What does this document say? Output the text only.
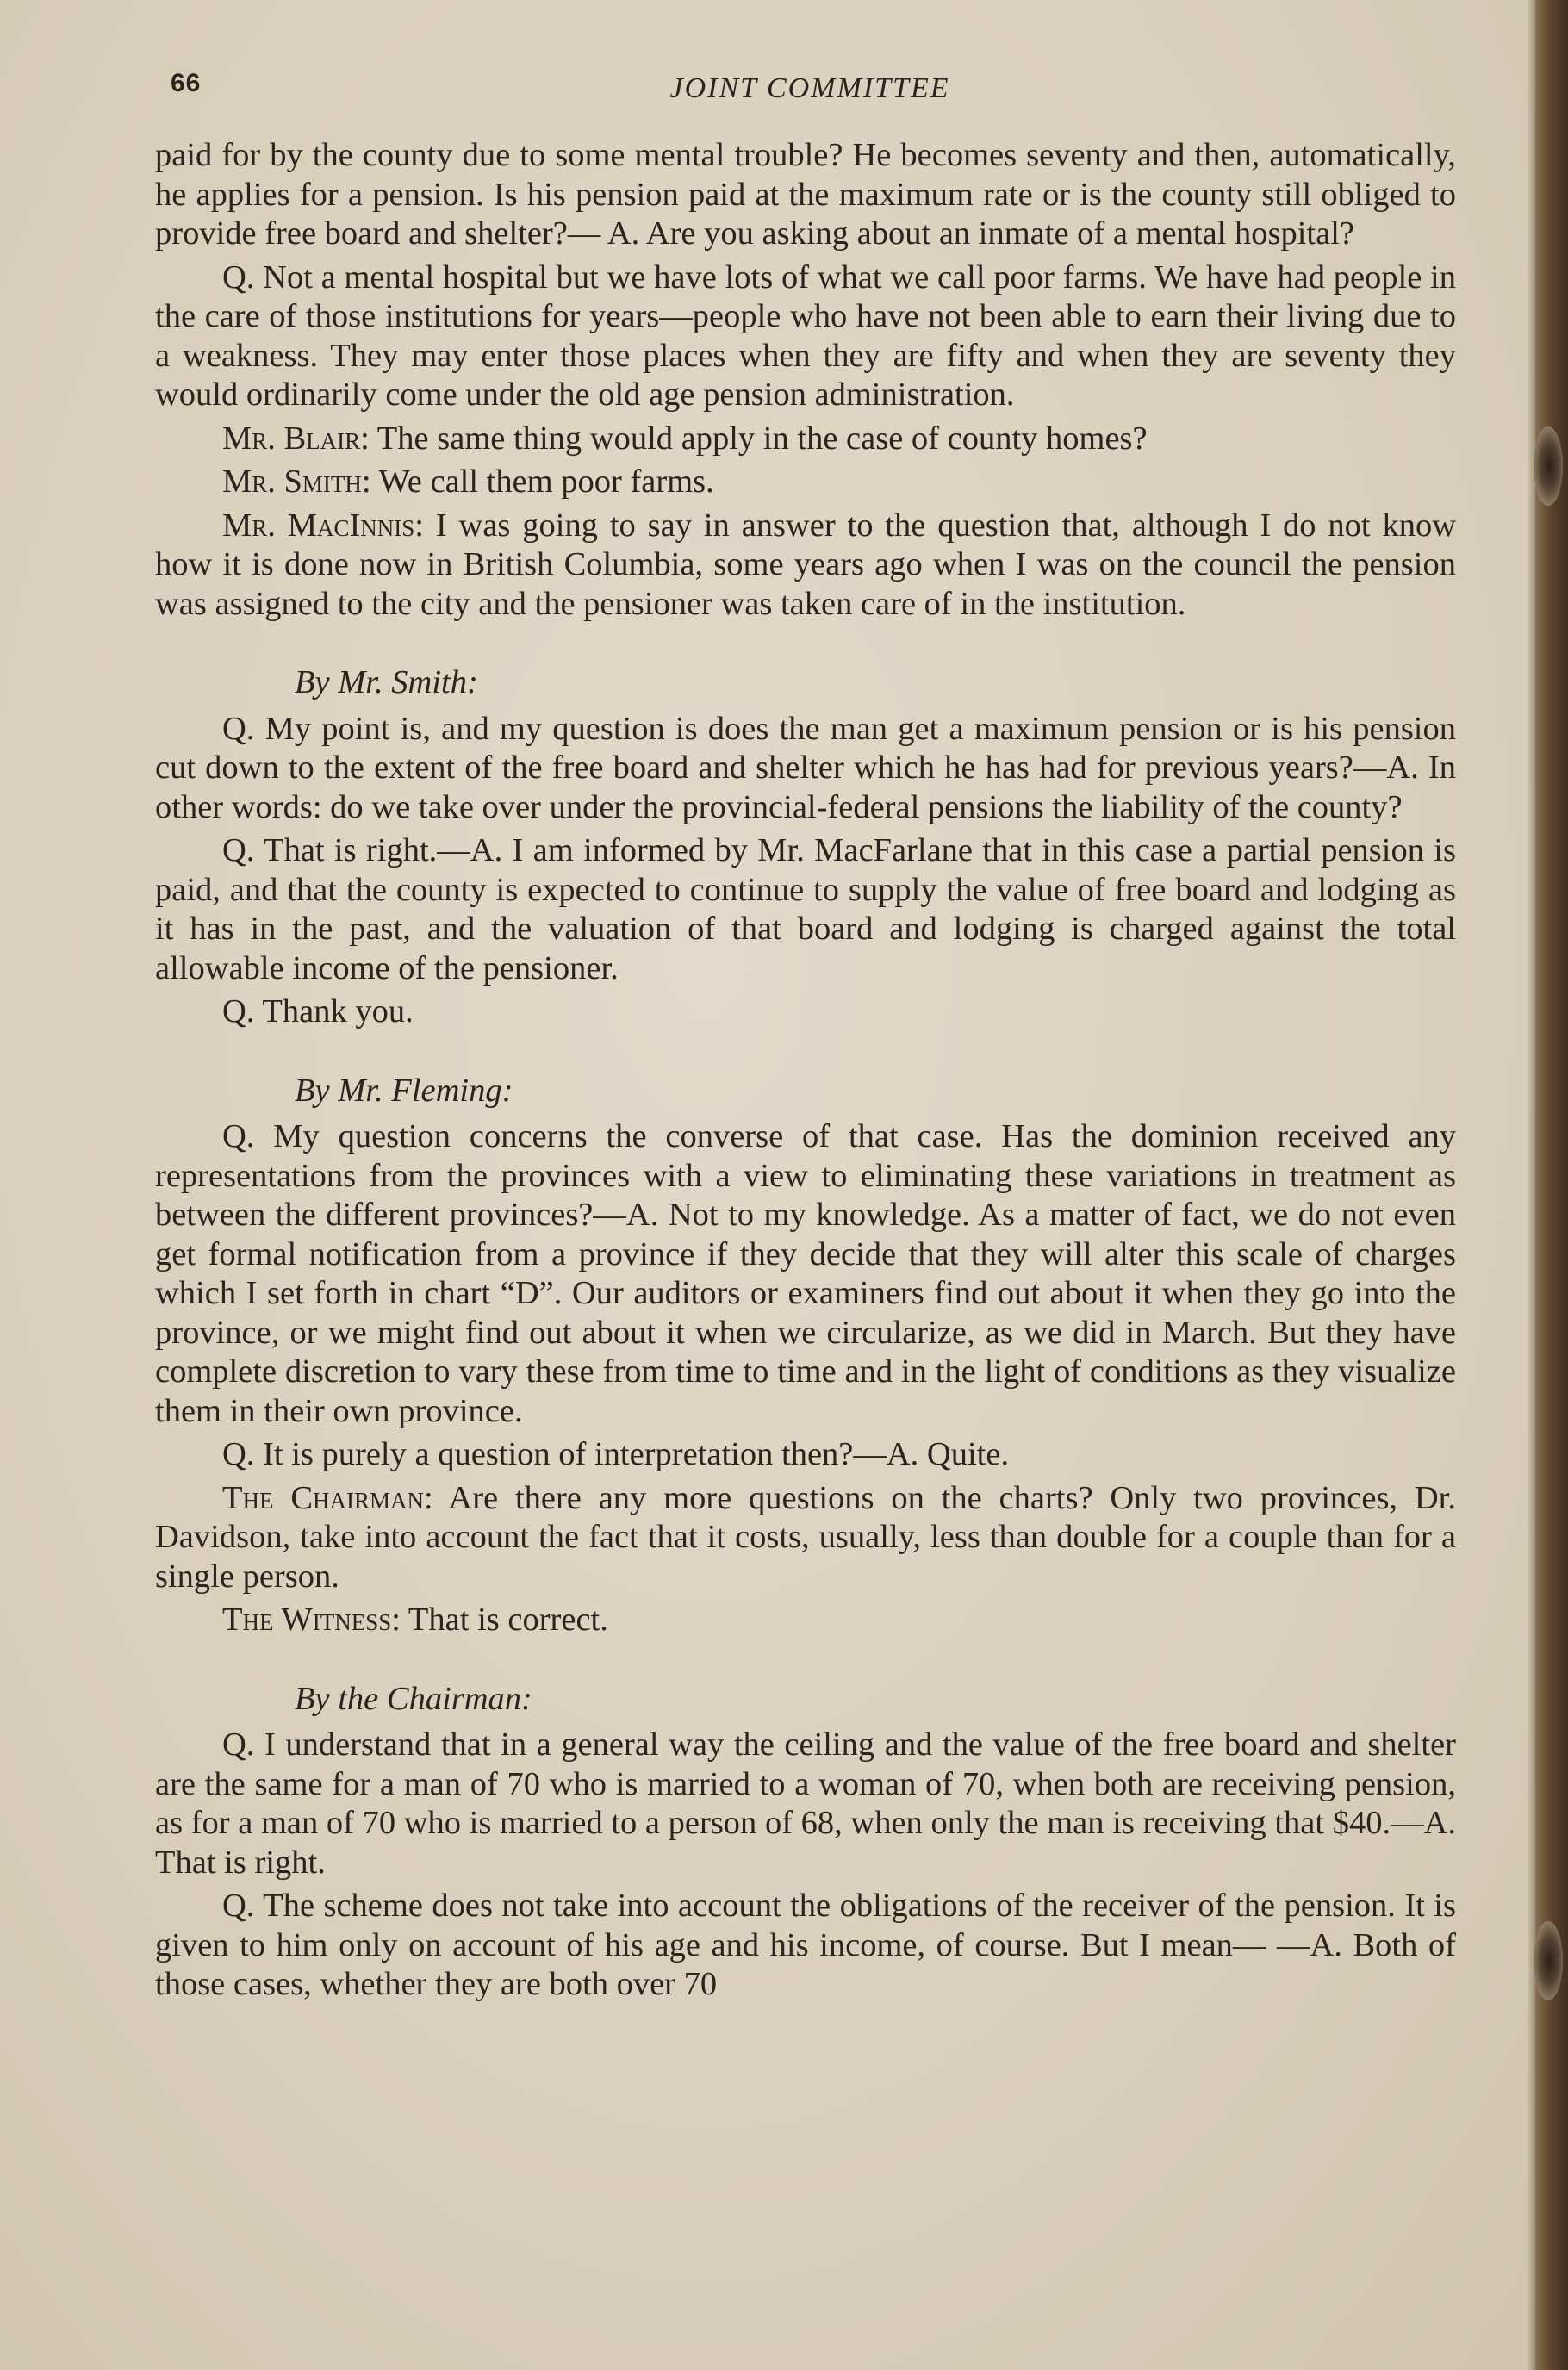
66	JOINT COMMITTEE

paid for by the county due to some mental trouble? He becomes seventy and then, automatically, he applies for a pension. Is his pension paid at the maximum rate or is the county still obliged to provide free board and shelter?— A. Are you asking about an inmate of a mental hospital?

Q. Not a mental hospital but we have lots of what we call poor farms. We have had people in the care of those institutions for years—people who have not been able to earn their living due to a weakness. They may enter those places when they are fifty and when they are seventy they would ordinarily come under the old age pension administration.

Mr. Blair: The same thing would apply in the case of county homes?

Mr. Smith: We call them poor farms.

Mr. MacInnis: I was going to say in answer to the question that, although I do not know how it is done now in British Columbia, some years ago when I was on the council the pension was assigned to the city and the pensioner was taken care of in the institution.

By Mr. Smith:

Q. My point is, and my question is does the man get a maximum pension or is his pension cut down to the extent of the free board and shelter which he has had for previous years?—A. In other words: do we take over under the provincial-federal pensions the liability of the county?

Q. That is right.—A. I am informed by Mr. MacFarlane that in this case a partial pension is paid, and that the county is expected to continue to supply the value of free board and lodging as it has in the past, and the valuation of that board and lodging is charged against the total allowable income of the pensioner.

Q. Thank you.

By Mr. Fleming:

Q. My question concerns the converse of that case. Has the dominion received any representations from the provinces with a view to eliminating these variations in treatment as between the different provinces?—A. Not to my knowledge. As a matter of fact, we do not even get formal notification from a province if they decide that they will alter this scale of charges which I set forth in chart “D”. Our auditors or examiners find out about it when they go into the province, or we might find out about it when we circularize, as we did in March. But they have complete discretion to vary these from time to time and in the light of conditions as they visualize them in their own province.

Q. It is purely a question of interpretation then?—A. Quite.

The Chairman: Are there any more questions on the charts? Only two provinces, Dr. Davidson, take into account the fact that it costs, usually, less than double for a couple than for a single person.

The Witness: That is correct.

By the Chairman:

Q. I understand that in a general way the ceiling and the value of the free board and shelter are the same for a man of 70 who is married to a woman of 70, when both are receiving pension, as for a man of 70 who is married to a person of 68, when only the man is receiving that $40.—A. That is right.

Q. The scheme does not take into account the obligations of the receiver of the pension. It is given to him only on account of his age and his income, of course. But I mean— —A. Both of those cases, whether they are both over 70
